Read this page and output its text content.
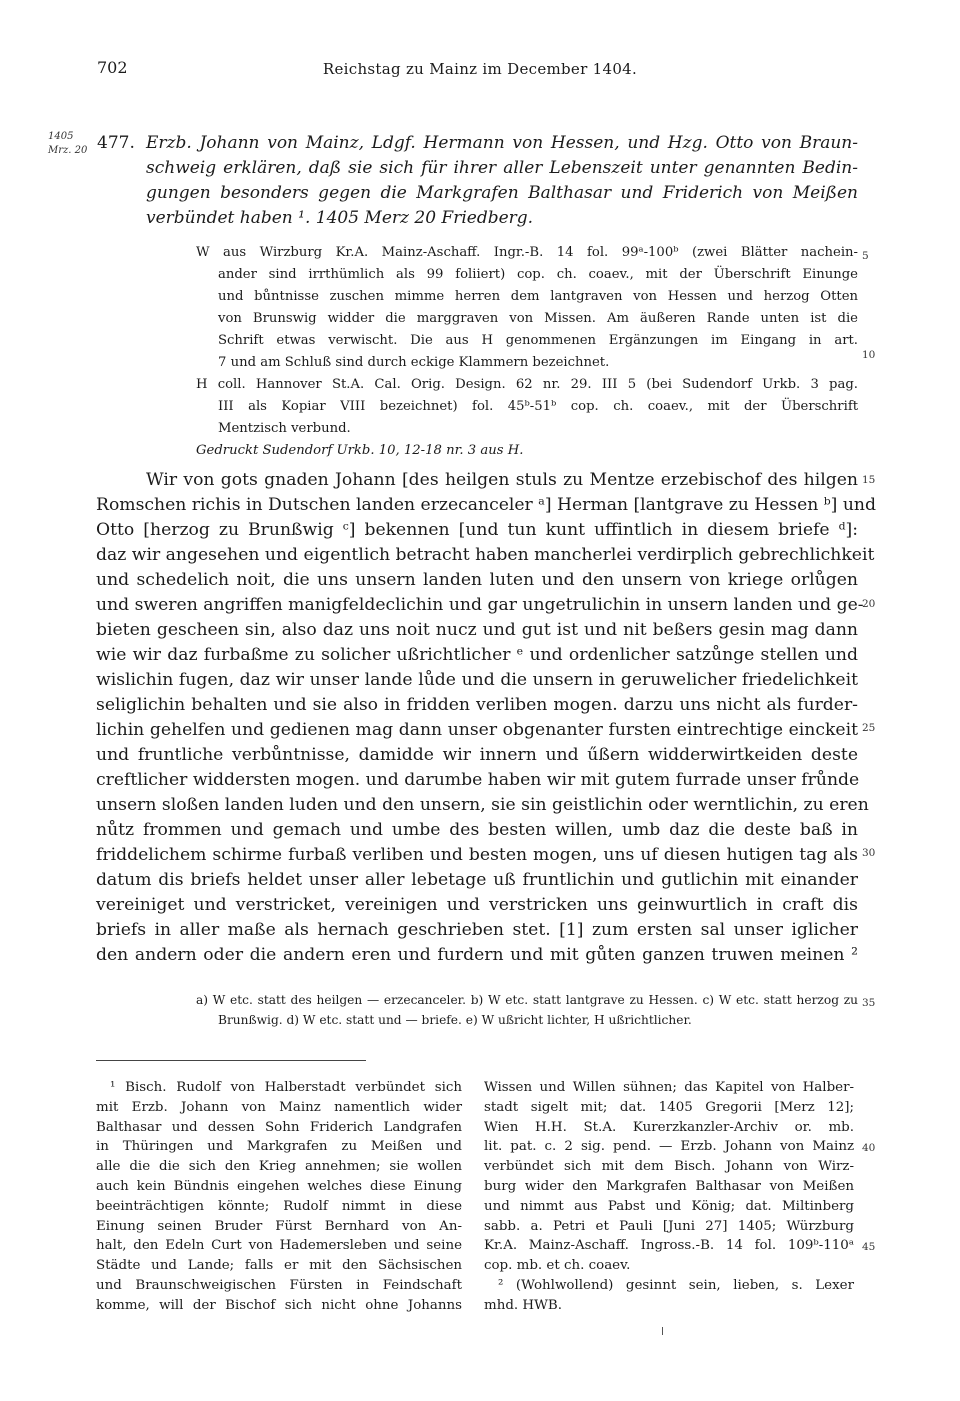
702	Reichstag zu Mainz im December 1404.
1405
Mrz. 20 477. Erzb. Johann von Mainz, Ldgf. Hermann von Hessen, und Hzg. Otto von Braun-
schweig erklären, daß sie sich für ihrer aller Lebenszeit unter genannten Bedin-
gungen besonders gegen die Markgrafen Balthasar und Friderich von Meißen
verbündet haben ¹. 1405 Merz 20 Friedberg.
W aus Wirzburg Kr.A. Mainz-Aschaff. Ingr.-B. 14 fol. 99ᵃ-100ᵇ (zwei Blätter nachein-
ander sind irrthümlich als 99 foliiert) cop. ch. coaev., mit der Überschrift Einunge
und bůntnisse zuschen mimme herren dem lantgraven von Hessen und herzog Otten
von Brunswig widder die marggraven von Missen. Am äußeren Rande unten ist die
Schrift etwas verwischt. Die aus H genommenen Ergänzungen im Eingang in art.
7 und am Schluß sind durch eckige Klammern bezeichnet.
H coll. Hannover St.A. Cal. Orig. Design. 62 nr. 29. III 5 (bei Sudendorf Urkb. 3 pag.
III als Kopiar VIII bezeichnet) fol. 45ᵇ-51ᵇ cop. ch. coaev., mit der Überschrift
Mentzisch verbund.
Gedruckt Sudendorf Urkb. 10, 12-18 nr. 3 aus H.
Wir von gots gnaden Johann [des heilgen stuls zu Mentze erzebischof des hilgen
Romschen richis in Dutschen landen erzecanceler ᵃ] Herman [lantgrave zu Hessen ᵇ] und
Otto [herzog zu Brunßwig ᶜ] bekennen [und tun kunt uffintlich in diesem briefe ᵈ]:
daz wir angesehen und eigentlich betracht haben mancherlei verdirplich gebrechlichkeit
und schedelich noit, die uns unsern landen luten und den unsern von kriege orlůgen
und sweren angriffen manigfeldeclichin und gar ungetrulichin in unsern landen und ge-
bieten gescheen sin, also daz uns noit nucz und gut ist und nit beßers gesin mag dann
wie wir daz furbaßme zu solicher ußrichtlicher ᵉ und ordenlicher satzůnge stellen und
wislichin fugen, daz wir unser lande lůde und die unsern in geruwelicher friedelichkeit
seliglichin behalten und sie also in fridden verliben mogen. darzu uns nicht als furder-
lichin gehelfen und gedienen mag dann unser obgenanter fursten eintrechtige einckeit
und fruntliche verbůntnisse, damidde wir innern und űßern widderwirtkeiden deste
creftlicher widdersten mogen. und darumbe haben wir mit gutem furrade unser frůnde
unsern sloßen landen luden und den unsern, sie sin geistlichin oder werntlichin, zu eren
nůtz frommen und gemach und umbe des besten willen, umb daz die deste baß in
friddelichem schirme furbaß verliben und besten mogen, uns uf diesen hutigen tag als
datum dis briefs heldet unser aller lebetage uß fruntlichin und gutlichin mit einander
vereiniget und verstricket, vereinigen und verstricken uns geinwurtlich in craft dis
briefs in aller maße als hernach geschrieben stet. [1] zum ersten sal unser iglicher
den andern oder die andern eren und furdern und mit gůten ganzen truwen meinen ²
a) W etc. statt des heilgen — erzecanceler. b) W etc. statt lantgrave zu Hessen. c) W etc. statt herzog zu
Brunßwig. d) W etc. statt und — briefe. e) W ußricht lichter, H ußrichtlicher.
¹ Bisch. Rudolf von Halberstadt verbündet sich
mit Erzb. Johann von Mainz namentlich wider
Balthasar und dessen Sohn Friderich Landgrafen
in Thüringen und Markgrafen zu Meißen und
alle die die sich den Krieg annehmen; sie wollen
auch kein Bündnis eingehen welches diese Einung
beeinträchtigen könnte; Rudolf nimmt in diese
Einung seinen Bruder Fürst Bernhard von An-
halt, den Edeln Curt von Hademersleben und seine
Städte und Lande; falls er mit den Sächsischen
und Braunschweigischen Fürsten in Feindschaft
komme, will der Bischof sich nicht ohne Johanns
Wissen und Willen sühnen; das Kapitel von Halber-
stadt sigelt mit; dat. 1405 Gregorii [Merz 12];
Wien H.H. St.A. Kurerzkanzler-Archiv or. mb.
lit. pat. c. 2 sig. pend. — Erzb. Johann von Mainz
verbündet sich mit dem Bisch. Johann von Wirz-
burg wider den Markgrafen Balthasar von Meißen
und nimmt aus Pabst und König; dat. Miltinberg
sabb. a. Petri et Pauli [Juni 27] 1405; Würzburg
Kr.A. Mainz-Aschaff. Ingross.-B. 14 fol. 109ᵇ-110ᵃ
cop. mb. et ch. coaev.
² (Wohlwollend) gesinnt sein, lieben, s. Lexer
mhd. HWB.
5
10
15
20
25
30
35
40
45
